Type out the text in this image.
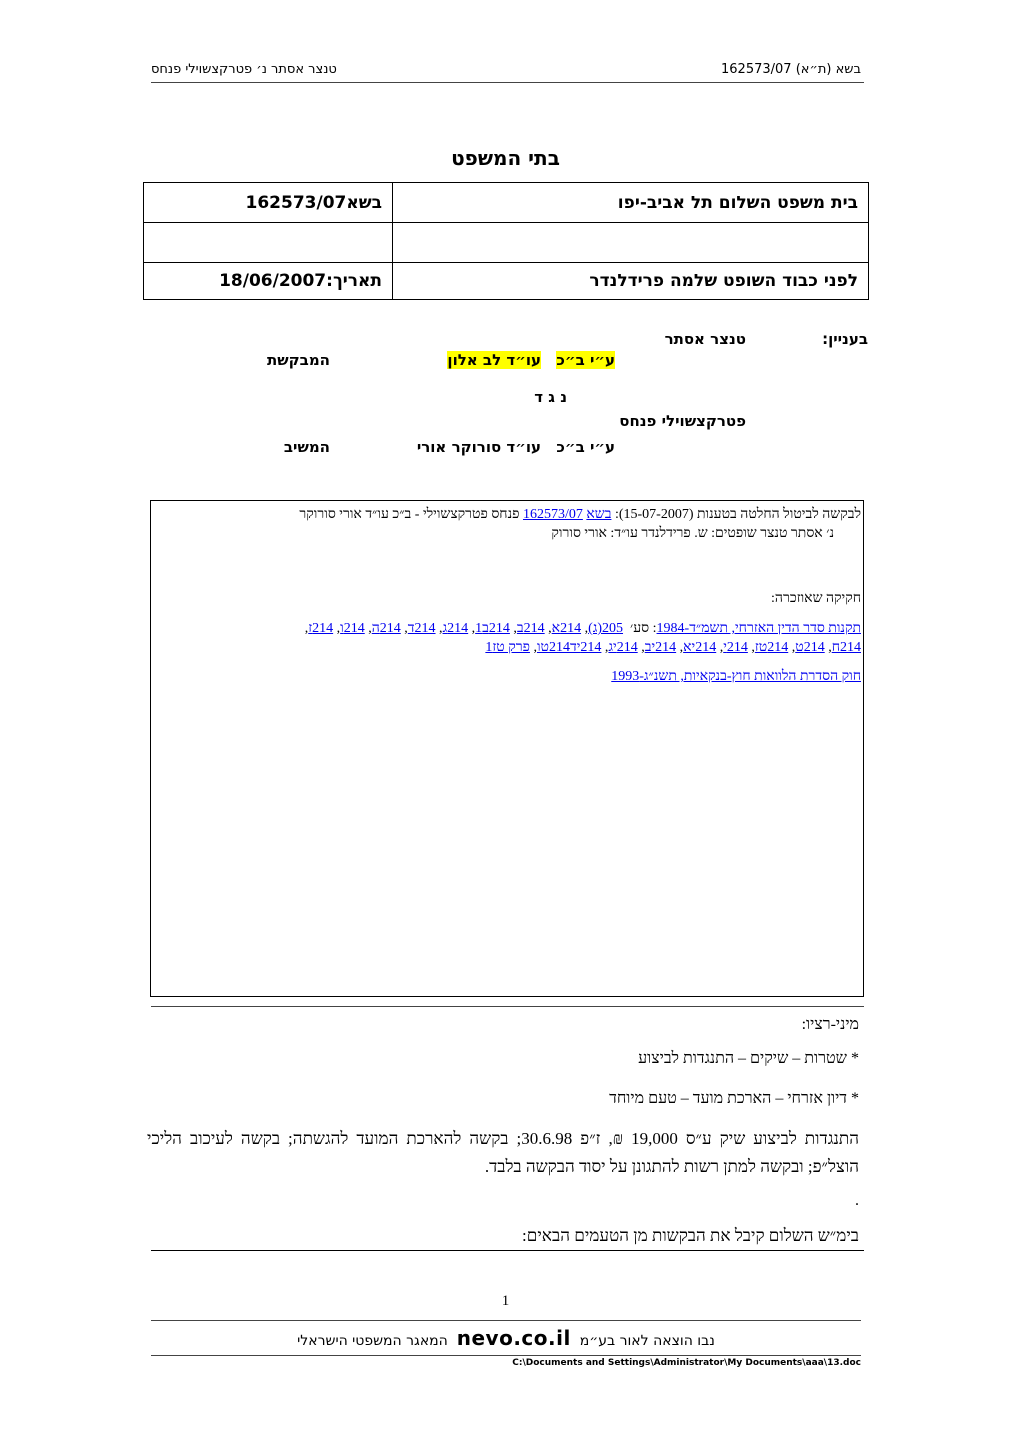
בשא (ת״א) 162573/07
טנצר אסתר נ׳ פטרקצשוילי פנחס
בתי המשפט
בית משפט השלום תל אביב-יפו	בשא162573/07

לפני כבוד השופט שלמה פרידלנדר	תאריך:18/06/2007
בעניין:
טנצר אסתר
ע״י ב״כ
עו״ד לב אלון
המבקשת
נ ג ד
פטרקצשוילי פנחס
ע״י ב״כ
עו״ד סורוקר אורי
המשיב
לבקשה לביטול החלטה בטענות (15-07-2007): בשא 162573/07 פנחס פטרקצשוילי - ב״כ עו״ד אורי סורוקר
נ׳ אסתר טנצר שופטים: ש. פרידלנדר עו״ד: אורי סורוק
חקיקה שאוזכרה:
תקנות סדר הדין האזרחי, תשמ״ד-1984: סע׳  205(ג), 214א, 214ב, 214ב1, 214ג, 214ד, 214ה, 214ו, 214ז,
214ח, 214ט, 214טז, 214י, 214יא, 214יב, 214יג, 214יד214טו, פרק טז1
חוק הסדרת הלוואות חוץ-בנקאיות, תשנ״ג-1993
מיני-רציו:
* שטרות – שיקים – התנגדות לביצוע
* דיון אזרחי – הארכת מועד – טעם מיוחד
התנגדות לביצוע שיק ע״ס 19,000 ₪, ז״פ 30.6.98; בקשה להארכת המועד להגשתה; בקשה לעיכוב הליכי הוצל״פ; ובקשה למתן רשות להתגונן על יסוד הבקשה בלבד.
.
בימ״ש השלום קיבל את הבקשות מן הטעמים הבאים:
1
נבו הוצאה לאור בע״מ  nevo.co.il  המאגר המשפטי הישראלי
C:\Documents and Settings\Administrator\My Documents\aaa\13.doc
